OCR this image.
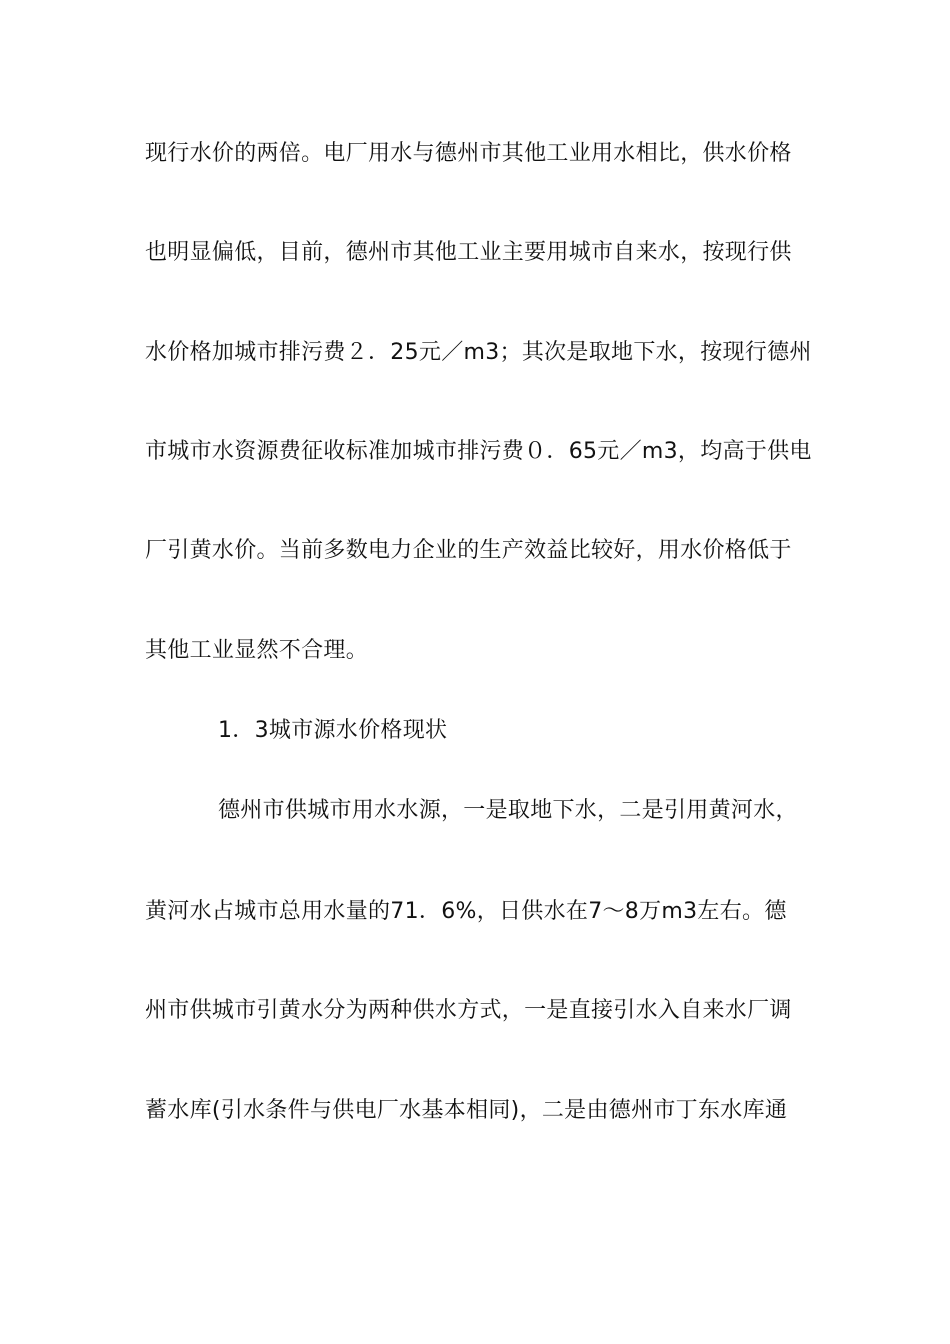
现行水价的两倍。电厂用水与德州市其他工业用水相比，供水价格
也明显偏低，目前，德州市其他工业主要用城市自来水，按现行供
水价格加城市排污费２．25元／m3；其次是取地下水，按现行德州
市城市水资源费征收标准加城市排污费０．65元／m3，均高于供电
厂引黄水价。当前多数电力企业的生产效益比较好，用水价格低于
其他工业显然不合理。
1．3城市源水价格现状
德州市供城市用水水源，一是取地下水，二是引用黄河水，
黄河水占城市总用水量的71．6%，日供水在7～8万m3左右。德
州市供城市引黄水分为两种供水方式，一是直接引水入自来水厂调
蓄水库(引水条件与供电厂水基本相同)，二是由德州市丁东水库通
